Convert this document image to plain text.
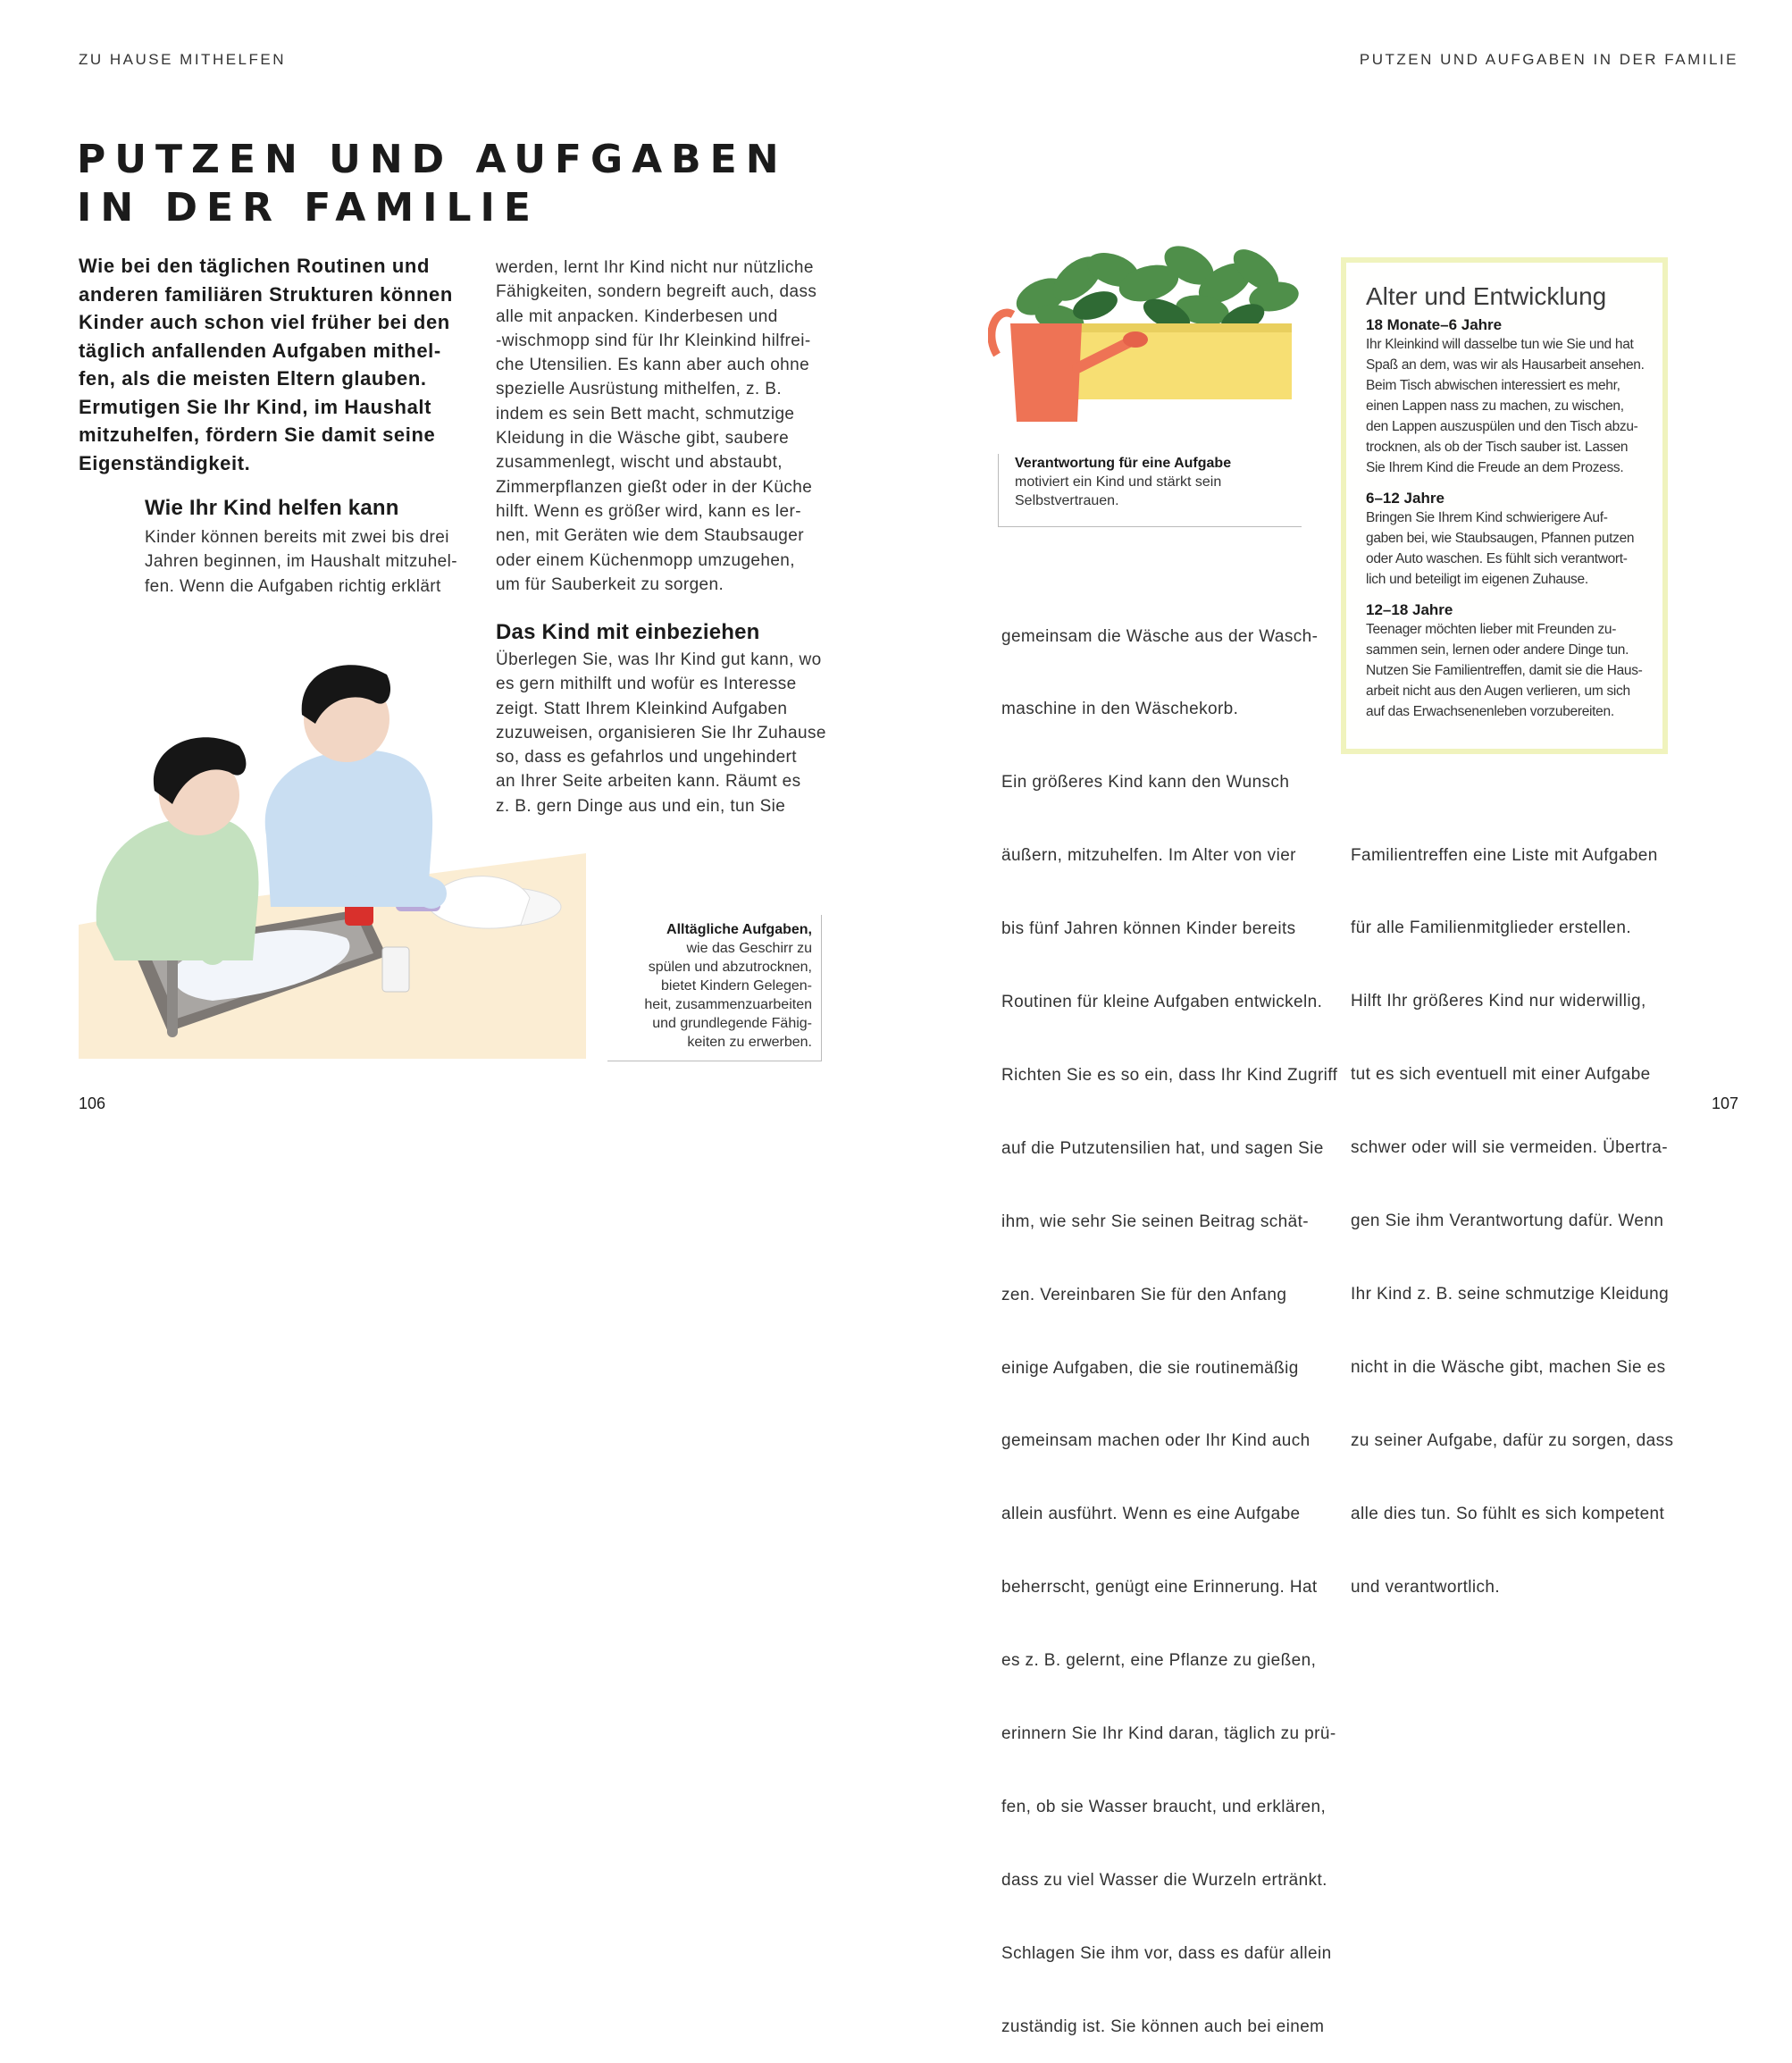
ZU HAUSE MITHELFEN	PUTZEN UND AUFGABEN IN DER FAMILIE
PUTZEN UND AUFGABEN
IN DER FAMILIE
Wie bei den täglichen Routinen und
anderen familiären Strukturen können
Kinder auch schon viel früher bei den
täglich anfallenden Aufgaben mithel-
fen, als die meisten Eltern glauben.
Ermutigen Sie Ihr Kind, im Haushalt
mitzuhelfen, fördern Sie damit seine
Eigenständigkeit.
Wie Ihr Kind helfen kann
Kinder können bereits mit zwei bis drei
Jahren beginnen, im Haushalt mitzuhel-
fen. Wenn die Aufgaben richtig erklärt
werden, lernt Ihr Kind nicht nur nützliche
Fähigkeiten, sondern begreift auch, dass
alle mit anpacken. Kinderbesen und
-wischmopp sind für Ihr Kleinkind hilfrei-
che Utensilien. Es kann aber auch ohne
spezielle Ausrüstung mithelfen, z. B.
indem es sein Bett macht, schmutzige
Kleidung in die Wäsche gibt, saubere
zusammenlegt, wischt und abstaubt,
Zimmerpflanzen gießt oder in der Küche
hilft. Wenn es größer wird, kann es ler-
nen, mit Geräten wie dem Staubsauger
oder einem Küchenmopp umzugehen,
um für Sauberkeit zu sorgen.
Das Kind mit einbeziehen
Überlegen Sie, was Ihr Kind gut kann, wo
es gern mithilft und wofür es Interesse
zeigt. Statt Ihrem Kleinkind Aufgaben
zuzuweisen, organisieren Sie Ihr Zuhause
so, dass es gefahrlos und ungehindert
an Ihrer Seite arbeiten kann. Räumt es
z. B. gern Dinge aus und ein, tun Sie
Alltägliche Aufgaben,

wie das Geschirr zu
spülen und abzutrocknen,
bietet Kindern Gelegen-
heit, zusammenzuarbeiten
und grundlegende Fähig-
keiten zu erwerben.
Verantwortung für eine Aufgabe

motiviert ein Kind und stärkt sein
Selbstvertrauen.
Alter und Entwicklung
18 Monate–6 Jahre
Ihr Kleinkind will dasselbe tun wie Sie und hat
Spaß an dem, was wir als Hausarbeit ansehen.
Beim Tisch abwischen interessiert es mehr,
einen Lappen nass zu machen, zu wischen,
den Lappen auszuspülen und den Tisch abzu-
trocknen, als ob der Tisch sauber ist. Lassen
Sie Ihrem Kind die Freude an dem Prozess.
6–12 Jahre
Bringen Sie Ihrem Kind schwierigere Auf-
gaben bei, wie Staubsaugen, Pfannen putzen
oder Auto waschen. Es fühlt sich verantwort-
lich und beteiligt im eigenen Zuhause.
12–18 Jahre
Teenager möchten lieber mit Freunden zu-
sammen sein, lernen oder andere Dinge tun.
Nutzen Sie Familientreffen, damit sie die Haus-
arbeit nicht aus den Augen verlieren, um sich
auf das Erwachsenenleben vorzubereiten.

gemeinsam die Wäsche aus der Wasch-

maschine in den Wäschekorb.

Ein größeres Kind kann den Wunsch

äußern, mitzuhelfen. Im Alter von vier

bis fünf Jahren können Kinder bereits

Routinen für kleine Aufgaben entwickeln.

Richten Sie es so ein, dass Ihr Kind Zugriff

auf die Putzutensilien hat, und sagen Sie

ihm, wie sehr Sie seinen Beitrag schät-

zen. Vereinbaren Sie für den Anfang

einige Aufgaben, die sie routinemäßig

gemeinsam machen oder Ihr Kind auch

allein ausführt. Wenn es eine Aufgabe

beherrscht, genügt eine Erinnerung. Hat

es z. B. gelernt, eine Pflanze zu gießen,

erinnern Sie Ihr Kind daran, täglich zu prü-

fen, ob sie Wasser braucht, und erklären,

dass zu viel Wasser die Wurzeln ertränkt.

Schlagen Sie ihm vor, dass es dafür allein

zuständig ist. Sie können auch bei einem

Familientreffen eine Liste mit Aufgaben

für alle Familienmitglieder erstellen.

Hilft Ihr größeres Kind nur widerwillig,

tut es sich eventuell mit einer Aufgabe

schwer oder will sie vermeiden. Übertra-

gen Sie ihm Verantwortung dafür. Wenn

Ihr Kind z. B. seine schmutzige Kleidung

nicht in die Wäsche gibt, machen Sie es

zu seiner Aufgabe, dafür zu sorgen, dass

alle dies tun. So fühlt es sich kompetent

und verantwortlich.

106	107
